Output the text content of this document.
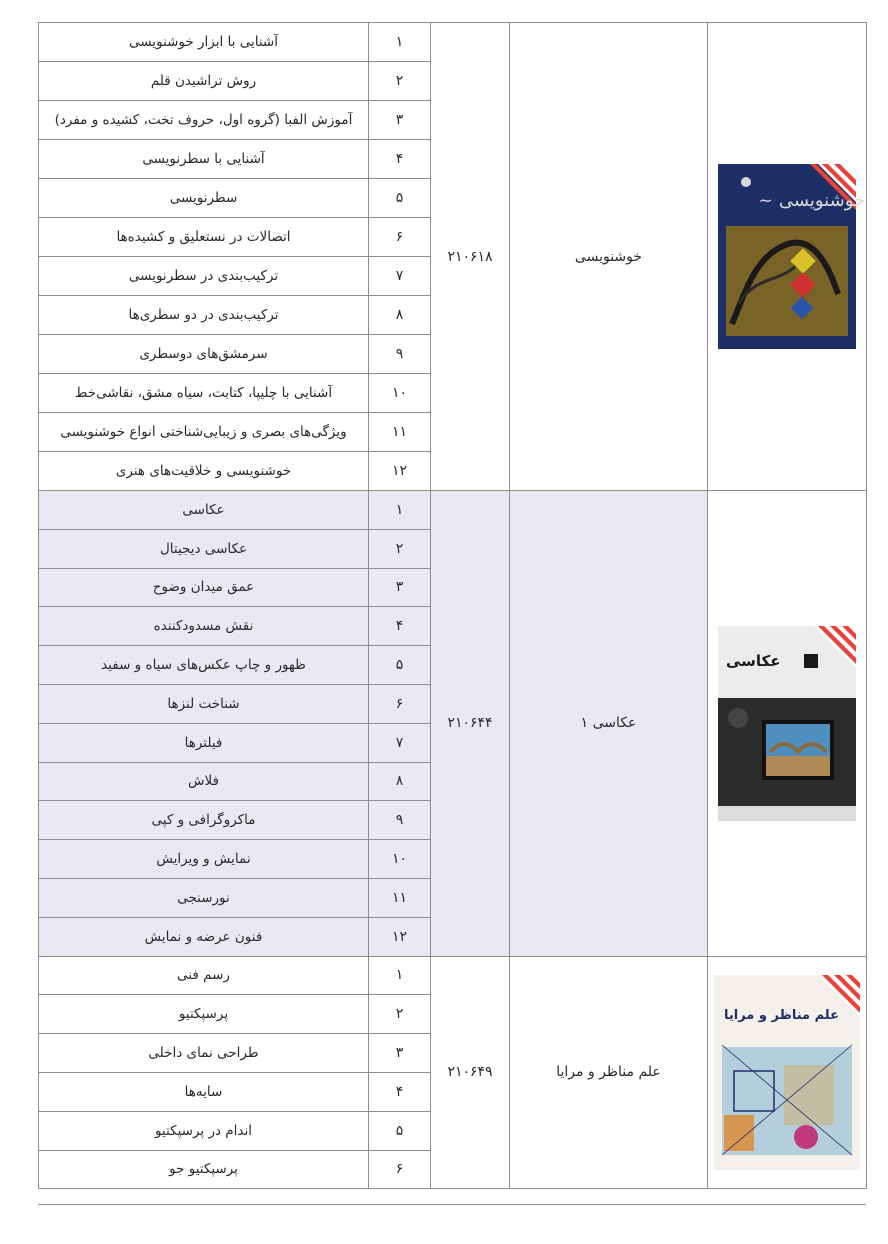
آشنایی با ابزار خوشنویسی	۱	۲۱۰۶۱۸	خوشنویسی	~ ﺧﻮﺷﻨﻮﯾﺴﯽ

روش تراشیدن قلم	۲			
آموزش الفبا (گروه اول، حروف تخت، کشیده و مفرد)	۳			
آشنایی با سطرنویسی	۴			
سطرنویسی	۵			
اتصالات در نستعلیق و کشیده‌ها	۶			
ترکیب‌بندی در سطرنویسی	۷			
ترکیب‌بندی در دو سطری‌ها	۸			
سرمشق‌های دوسطری	۹			
آشنایی با چلیپا، کتابت، سیاه مشق، نقاشی‌خط	۱۰			
ویژگی‌های بصری و زیبایی‌شناختی انواع خوشنویسی	۱۱			
خوشنویسی و خلاقیت‌های هنری	۱۲			
عکاسی	۱	۲۱۰۶۴۴	عکاسی ۱	ﻋﮑﺎﺳﯽ

عکاسی دیجیتال	۲			
عمق میدان وضوح	۳			
نقش مسدودکننده	۴			
ظهور و چاپ عکس‌های سیاه و سفید	۵			
شناخت لنزها	۶			
فیلترها	۷			
فلاش	۸			
ماکروگرافی و کپی	۹			
نمایش و ویرایش	۱۰			
نورسنجی	۱۱			
فنون عرضه و نمایش	۱۲			
رسم فنی	۱	۲۱۰۶۴۹	علم مناظر و مرایا	ﻋﻠﻢ ﻣﻨﺎﻇﺮ ﻭ ﻣﺮﺍﯾﺎ

پرسپکتیو	۲			
طراحی نمای داخلی	۳			
سایه‌ها	۴			
اندام در پرسپکتیو	۵			
پرسپکتیو جو	۶			
